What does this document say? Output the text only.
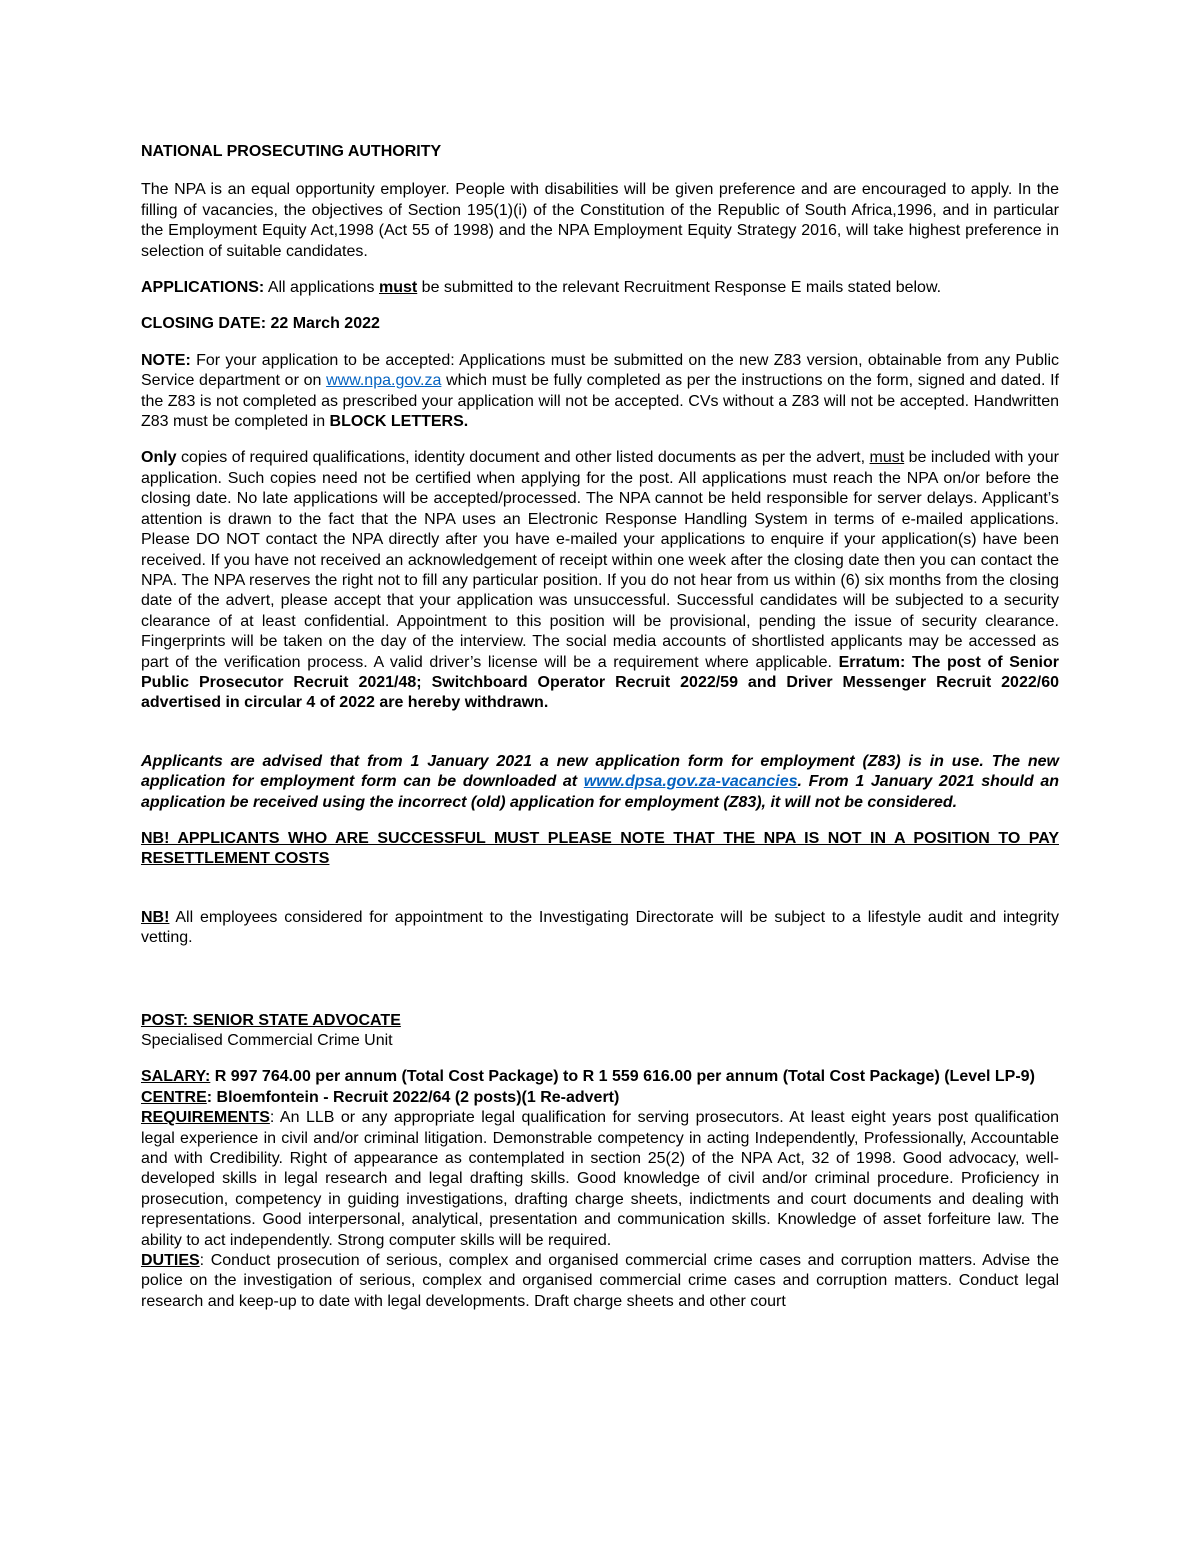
NATIONAL PROSECUTING AUTHORITY

The NPA is an equal opportunity employer. People with disabilities will be given preference and are encouraged to apply. In the filling of vacancies, the objectives of Section 195(1)(i) of the Constitution of the Republic of South Africa,1996, and in particular the Employment Equity Act,1998 (Act 55 of 1998) and the NPA Employment Equity Strategy 2016, will take highest preference in selection of suitable candidates.

APPLICATIONS: All applications must be submitted to the relevant Recruitment Response E mails stated below.

CLOSING DATE: 22 March 2022

NOTE: For your application to be accepted: Applications must be submitted on the new Z83 version, obtainable from any Public Service department or on www.npa.gov.za which must be fully completed as per the instructions on the form, signed and dated. If the Z83 is not completed as prescribed your application will not be accepted. CVs without a Z83 will not be accepted. Handwritten Z83 must be completed in BLOCK LETTERS.

Only copies of required qualifications, identity document and other listed documents as per the advert, must be included with your application. Such copies need not be certified when applying for the post. All applications must reach the NPA on/or before the closing date. No late applications will be accepted/processed. The NPA cannot be held responsible for server delays. Applicant’s attention is drawn to the fact that the NPA uses an Electronic Response Handling System in terms of e-mailed applications. Please DO NOT contact the NPA directly after you have e-mailed your applications to enquire if your application(s) have been received. If you have not received an acknowledgement of receipt within one week after the closing date then you can contact the NPA. The NPA reserves the right not to fill any particular position. If you do not hear from us within (6) six months from the closing date of the advert, please accept that your application was unsuccessful. Successful candidates will be subjected to a security clearance of at least confidential. Appointment to this position will be provisional, pending the issue of security clearance. Fingerprints will be taken on the day of the interview. The social media accounts of shortlisted applicants may be accessed as part of the verification process. A valid driver’s license will be a requirement where applicable. Erratum: The post of Senior Public Prosecutor Recruit 2021/48; Switchboard Operator Recruit 2022/59 and Driver Messenger Recruit 2022/60 advertised in circular 4 of 2022 are hereby withdrawn.

Applicants are advised that from 1 January 2021 a new application form for employment (Z83) is in use. The new application for employment form can be downloaded at www.dpsa.gov.za-vacancies. From 1 January 2021 should an application be received using the incorrect (old) application for employment (Z83), it will not be considered.

NB! APPLICANTS WHO ARE SUCCESSFUL MUST PLEASE NOTE THAT THE NPA IS NOT IN A POSITION TO PAY RESETTLEMENT COSTS

NB! All employees considered for appointment to the Investigating Directorate will be subject to a lifestyle audit and integrity vetting.

POST: SENIOR STATE ADVOCATE

Specialised Commercial Crime Unit

SALARY: R 997 764.00 per annum (Total Cost Package) to R 1 559 616.00 per annum (Total Cost Package) (Level LP-9)

CENTRE: Bloemfontein - Recruit 2022/64 (2 posts)(1 Re-advert)

REQUIREMENTS: An LLB or any appropriate legal qualification for serving prosecutors. At least eight years post qualification legal experience in civil and/or criminal litigation. Demonstrable competency in acting Independently, Professionally, Accountable and with Credibility. Right of appearance as contemplated in section 25(2) of the NPA Act, 32 of 1998. Good advocacy, well-developed skills in legal research and legal drafting skills. Good knowledge of civil and/or criminal procedure. Proficiency in prosecution, competency in guiding investigations, drafting charge sheets, indictments and court documents and dealing with representations. Good interpersonal, analytical, presentation and communication skills. Knowledge of asset forfeiture law. The ability to act independently. Strong computer skills will be required.

DUTIES: Conduct prosecution of serious, complex and organised commercial crime cases and corruption matters. Advise the police on the investigation of serious, complex and organised commercial crime cases and corruption matters. Conduct legal research and keep-up to date with legal developments. Draft charge sheets and other court
